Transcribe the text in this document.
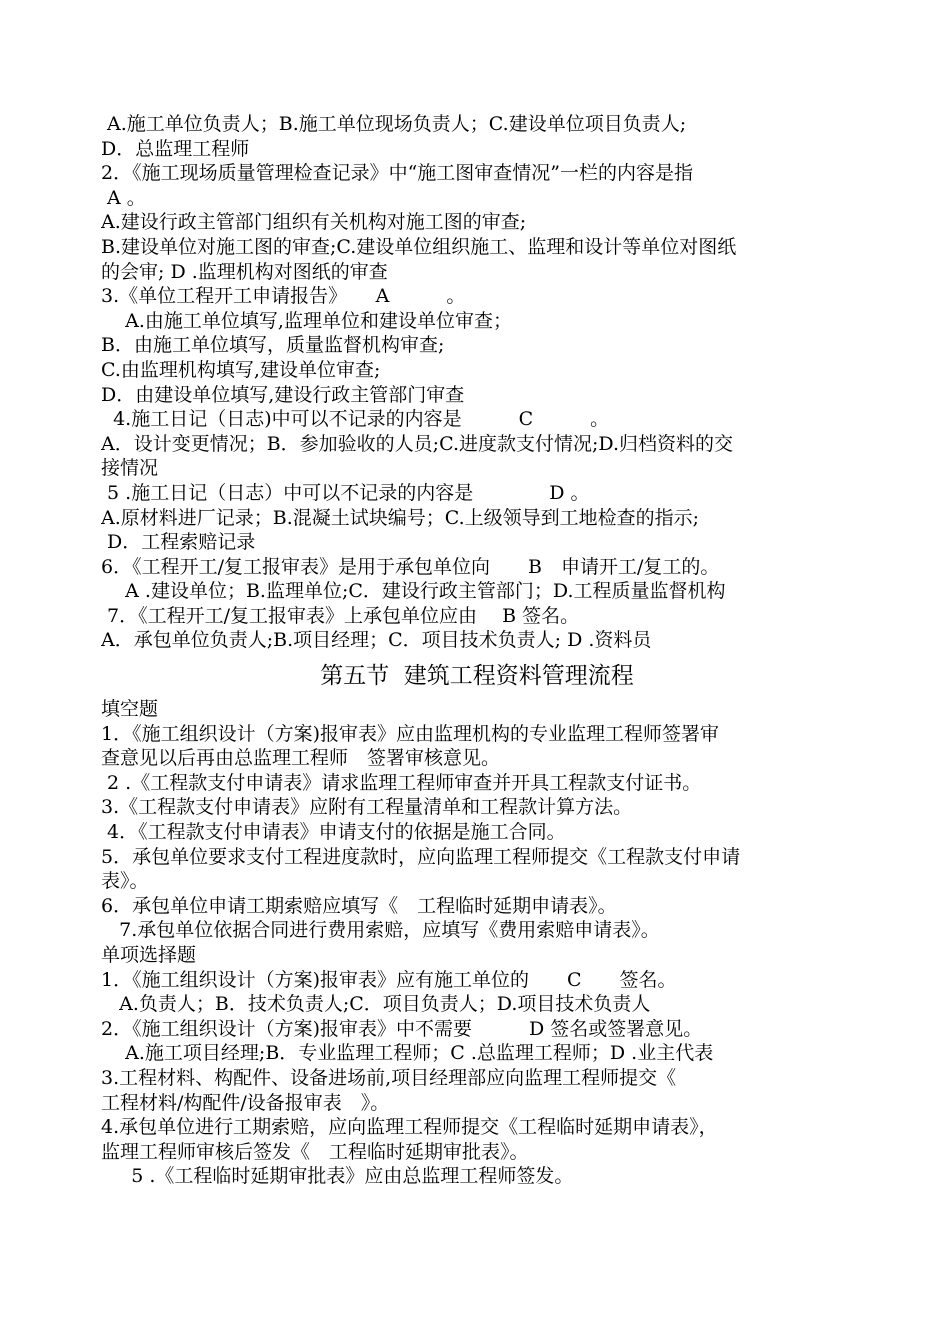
A.施工单位负责人；B.施工单位现场负责人；C.建设单位项目负责人;
D．总监理工程师
2．《施工现场质量管理检查记录》中“施工图审查情况”一栏的内容是指
A 。
A.建设行政主管部门组织有关机构对施工图的审查;
B.建设单位对施工图的审查;C.建设单位组织施工、监理和设计等单位对图纸
的会审; D .监理机构对图纸的审查
3.《单位工程开工申请报告》　　A　　　。
A.由施工单位填写,监理单位和建设单位审查；
B．由施工单位填写，质量监督机构审查;
C.由监理机构填写,建设单位审查;
D．由建设单位填写,建设行政主管部门审查
4.施工日记（日志)中可以不记录的内容是　　　C　　　。
A．设计变更情况；B．参加验收的人员;C.进度款支付情况;D.归档资料的交
接情况
5 .施工日记（日志）中可以不记录的内容是　　　　D 。
A.原材料进厂记录；B.混凝土试块编号；C.上级领导到工地检查的指示;
D．工程索赔记录
6．《工程开工/复工报审表》是用于承包单位向　　B　申请开工/复工的。
A .建设单位；B.监理单位;C．建设行政主管部门；D.工程质量监督机构
7．《工程开工/复工报审表》上承包单位应由　 B 签名。
A．承包单位负责人;B.项目经理；C．项目技术负责人; D .资料员
第五节  建筑工程资料管理流程
填空题
1．《施工组织设计（方案)报审表》应由监理机构的专业监理工程师签署审
查意见以后再由总监理工程师　签署审核意见。
2 .《工程款支付申请表》请求监理工程师审查并开具工程款支付证书。
3.《工程款支付申请表》应附有工程量清单和工程款计算方法。
4．《工程款支付申请表》申请支付的依据是施工合同。
5．承包单位要求支付工程进度款时，应向监理工程师提交《工程款支付申请
表》。
6．承包单位申请工期索赔应填写《　工程临时延期申请表》。
7.承包单位依据合同进行费用索赔，应填写《费用索赔申请表》。
单项选择题
1．《施工组织设计（方案)报审表》应有施工单位的　　C　　签名。
A.负责人；B．技术负责人;C．项目负责人；D.项目技术负责人
2．《施工组织设计（方案)报审表》中不需要　　　D 签名或签署意见。
A.施工项目经理;B．专业监理工程师；C .总监理工程师；D .业主代表
3.工程材料、构配件、设备进场前,项目经理部应向监理工程师提交《
工程材料/构配件/设备报审表　》。
4.承包单位进行工期索赔，应向监理工程师提交《工程临时延期申请表》，
监理工程师审核后签发《　工程临时延期审批表》。
5 .《工程临时延期审批表》应由总监理工程师签发。
